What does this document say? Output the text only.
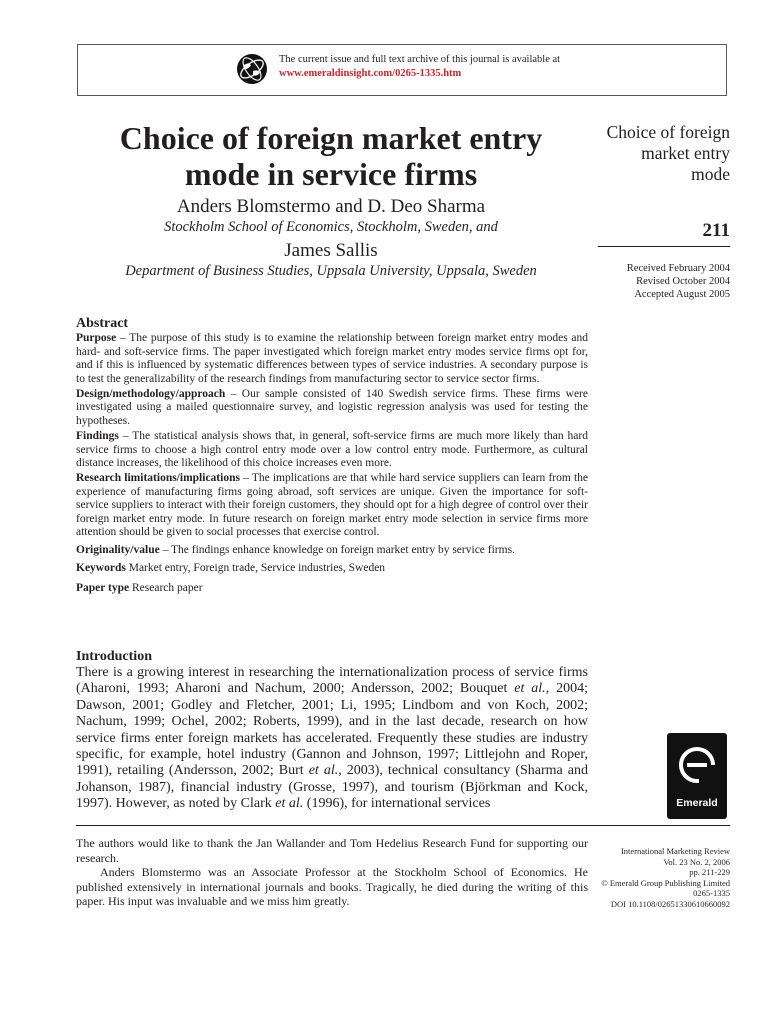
The current issue and full text archive of this journal is available at
www.emeraldinsight.com/0265-1335.htm
Choice of foreign market entry
mode in service firms
Anders Blomstermo and D. Deo Sharma
Stockholm School of Economics, Stockholm, Sweden, and
James Sallis
Department of Business Studies, Uppsala University, Uppsala, Sweden
Choice of foreign
market entry
mode
211
Received February 2004
Revised October 2004
Accepted August 2005
Abstract

Purpose – The purpose of this study is to examine the relationship between foreign market entry modes and hard- and soft-service firms. The paper investigated which foreign market entry modes service firms opt for, and if this is influenced by systematic differences between types of service industries. A secondary purpose is to test the generalizability of the research findings from manufacturing sector to service sector firms.

Design/methodology/approach – Our sample consisted of 140 Swedish service firms. These firms were investigated using a mailed questionnaire survey, and logistic regression analysis was used for testing the hypotheses.

Findings – The statistical analysis shows that, in general, soft-service firms are much more likely than hard service firms to choose a high control entry mode over a low control entry mode. Furthermore, as cultural distance increases, the likelihood of this choice increases even more.

Research limitations/implications – The implications are that while hard service suppliers can learn from the experience of manufacturing firms going abroad, soft services are unique. Given the importance for soft-service suppliers to interact with their foreign customers, they should opt for a high degree of control over their foreign market entry mode. In future research on foreign market entry mode selection in service firms more attention should be given to social processes that exercise control.

Originality/value – The findings enhance knowledge on foreign market entry by service firms.

Keywords Market entry, Foreign trade, Service industries, Sweden

Paper type Research paper

Introduction
There is a growing interest in researching the internationalization process of service firms (Aharoni, 1993; Aharoni and Nachum, 2000; Andersson, 2002; Bouquet et al., 2004; Dawson, 2001; Godley and Fletcher, 2001; Li, 1995; Lindbom and von Koch, 2002; Nachum, 1999; Ochel, 2002; Roberts, 1999), and in the last decade, research on how service firms enter foreign markets has accelerated. Frequently these studies are industry specific, for example, hotel industry (Gannon and Johnson, 1997; Littlejohn and Roper, 1991), retailing (Andersson, 2002; Burt et al., 2003), technical consultancy (Sharma and Johanson, 1987), financial industry (Grosse, 1997), and tourism (Björkman and Kock, 1997). However, as noted by Clark et al. (1996), for international services	Emerald

The authors would like to thank the Jan Wallander and Tom Hedelius Research Fund for supporting our research.

Anders Blomstermo was an Associate Professor at the Stockholm School of Economics. He published extensively in international journals and books. Tragically, he died during the writing of this paper. His input was invaluable and we miss him greatly.

International Marketing Review
Vol. 23 No. 2, 2006
pp. 211-229
© Emerald Group Publishing Limited
0265-1335
DOI 10.1108/02651330610660092
